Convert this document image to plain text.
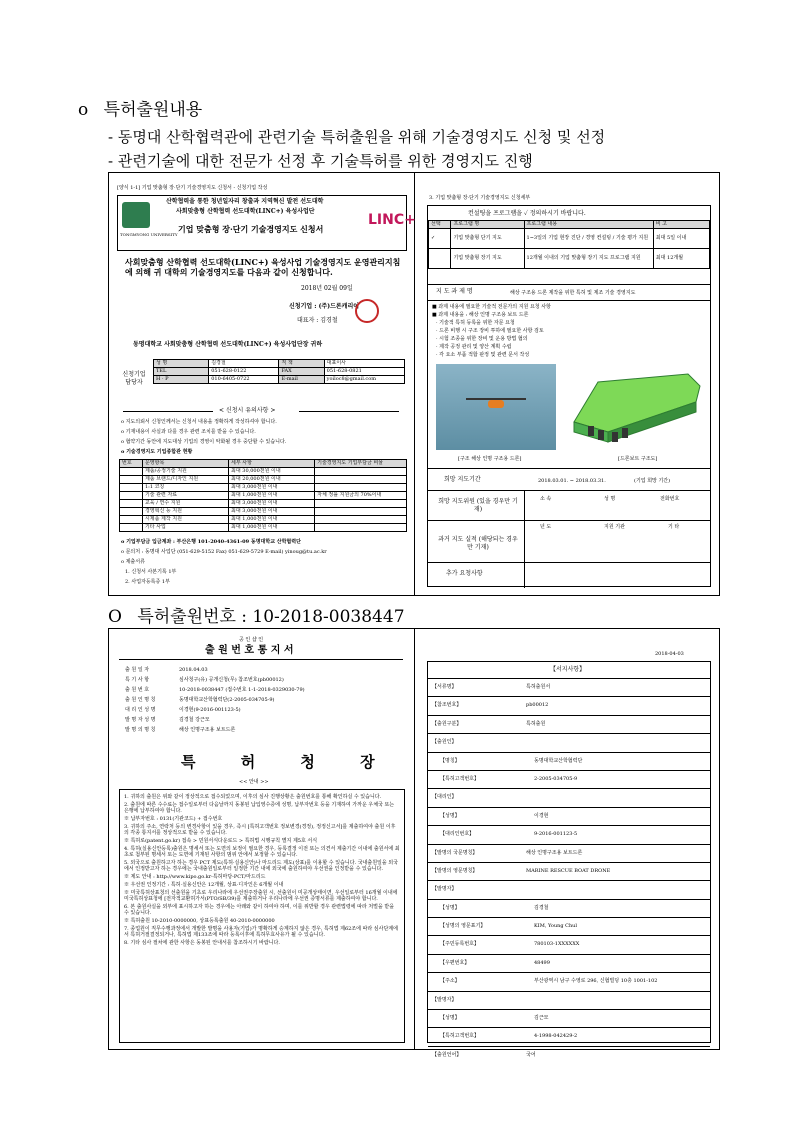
o 특허출원내용
- 동명대 산학협력관에 관련기술 특허출원을 위해 기술경영지도 신청 및 선정
- 관련기술에 대한 전문가 선정 후 기술특허를 위한 경영지도 진행
[양식 1-1] 기업 맞춤형 장·단기 기술경영지도 신청서 - 신청기업 작성
TONGMYONG UNIVERSITY
산학협력을 통한 청년일자리 창출과 지역혁신 발전 선도대학
사회맞춤형 산학협력 선도대학(LINC+) 육성사업단
기업 맞춤형 장·단기 기술경영지도 신청서
LINC+
사회맞춤형 산학협력 선도대학(LINC+) 육성사업 기술경영지도 운영관리지침에 의해 귀 대학의 기술경영지도를 다음과 같이 신청합니다.
2018년 02월 09일
신청기업 : (주)드론캐리어
대표자 : 김경철
동명대학교 사회맞춤형 산학협력 선도대학(LINC+) 육성사업단장 귀하
신청기업 담당자
성 명	김경철	직 책	대표이사
TEL	051-628-0122	FAX	051-628-0821
H · P	010-6405-0722	E-mail	yoiloc8@gmail.com
< 신청시 유의사항 >
o 지도의뢰서 신청인께서는 신청서 내용을 정확하게 작성하셔야 합니다.
o 기재내용이 사실과 다를 경우 관련 조치를 받을 수 있습니다.
o 협약기간 동안에 지도대상 기업의 경영이 악화될 경우 중단할 수 있습니다.
o 기술경영지도 기업종합관 현황
번호	운영항목	세부 사항	기술경영지도 기업부담금 비율
	제품/공정기술 지원	최대 30,000천원 이내	
	제품 브랜드/디자인 지원	최대 20,000천원 이내	
	1:1 코칭	최대 3,000천원 이내	
	기술 관련 자료	최대 1,000천원 이내	자체 정률 지원금의 70%이내
	교육 / 연수 지원	최대 3,000천원 이내	
	경영혁신 등 지원	최대 3,000천원 이내	
	시제품 제작 지원	최대 1,000천원 이내	
	기타 사업	최대 1,000천원 이내	
o 기업부담금 입금계좌 : 부산은행 101-2040-4361-09 동명대학교 산학협력단
o 문의처 : 동명대 사업단 (051-629-5152 Fax) 051-629-5729 E-mail) yinoug@tu.ac.kr
o 제출서류
1. 신청서 사본기록 1부
2. 사업자등록증 1부
3. 기업 맞춤형 장·단기 기술경영지도 신청세부
컨설팅을 프로그램을 ✓ 정의하시기 바랍니다.
선택	프로그램 명	프로그램 내용	비 고
✓	기업 맞춤형 단기 지도	1~3일의 기업 현장 진단 / 경영 컨설팅 / 기술 평가 지원	최대 5일 이내
	기업 맞춤형 장기 지도	12개월 이내의 기업 맞춤형 장기 지도 프로그램 지원	최대 12개월
지 도 과 제 명	해상 구조용 드론 제작을 위한 특허 및 제조 기술 경영지도
■ 과제 내용에 필요한 기술적 전문가의 지원 요청 사항
■ 과제 내용을 : 해상 인명 구조용 보트 드론
· 기술적 특허 등록을 위한 자문 요청
· 드론 비행 시 구조 장비 투하에 필요한 사항 검토
· 시험 조종을 위한 장비 및 운용 방법 협의
· 제작 공정 관리 및 양산 계획 수립
· 각 요소 부품 적합 판정 및 관련 문서 작성
[구조 해상 인명 구조용 드론]	[드론보트 구조도]
희망 지도기간	2018.03.01. ~ 2018.03.31.	(기업 희망 기간)
희망 지도위원 (있을 경우만 기재)
소 속	성 명	전화번호
과거 지도 실적 (해당되는 경우만 기재)
년 도	지원 기관	기 타
추가 요청사항
O 특허출원번호 : 10-2018-0038447
공 인 샵 인
출 원 번 호 통 지 서
출 원 일 자	2018.04.03
특 기 사 항	심사청구(유) 공개신청(무) 참조번호(pb00012)
출 원 번 호	10-2018-0038447 (접수번호 1-1-2018-0329030-79)
출 원 인 명 칭	동명대학교산학협력단(2-2005-034705-9)
대 리 인 성 명	이경현(9-2016-001123-5)
발 명 자 성 명	김경철 강근모
발 명 의 명 칭	해상 인명구조용 보트드론
특 허 청 장
<< 안내 >>
1. 귀하의 출원은 위와 같이 정상적으로 접수되었으며, 이후의 심사 진행상황은 출원번호를 통해 확인하실 수 있습니다.
2. 출원에 따른 수수료는 접수일로부터 다음날까지 동봉된 납입영수증에 성명, 납부자번호 등을 기재하여 가까운 우체국 또는 은행에 납부하여야 합니다.
※ 납부자번호 : 0131(기관코드) + 접수번호
3. 귀하의 주소, 연락처 등의 변경사항이 있을 경우, 즉시 [특허고객번호 정보변경(경정), 정정신고서]를 제출하여야 출원 이후의 각종 통지서를 정상적으로 받을 수 있습니다.
※ 특허로(patent.go.kr) 접속 > 민원서식다운로드 > 특허법 시행규칙 별지 제5호 서식
4. 특허(실용신안등록)출원은 명세서 또는 도면의 보정이 필요한 경우, 등록결정 이전 또는 의견서 제출기간 이내에 출원서에 최초로 첨부된 명세서 또는 도면에 기재된 사항의 범위 안에서 보정할 수 있습니다.
5. 외국으로 출원하고자 하는 경우 PCT 제도(특허·실용신안)나 마드리드 제도(상표)를 이용할 수 있습니다. 국내출원일을 외국에서 인정받고자 하는 경우에는 국내출원일로부터 일정한 기간 내에 외국에 출원하여야 우선권을 인정받을 수 있습니다.
※ 제도 안내 : http://www.kipo.go.kr-특허마당-PCT/마드리드
※ 우선권 인정기간 : 특허·실용신안은 12개월, 상표·디자인은 6개월 이내
※ 미국특허상표청의 선출원을 기초로 우리나라에 우선권주장출원 시, 선출원이 미공개상태이면, 우선일로부터 16개월 이내에 미국특허상표청에 [전자적교환허가서(PTO/SB/39)를 제출하거나 우리나라에 우선권 증명서류를 제출하여야 합니다.
6. 본 출원사실을 외부에 표시하고자 하는 경우에는 아래와 같이 하여야 하며, 이를 위반할 경우 관련법령에 따라 처벌을 받을 수 있습니다.
※ 특허출원 10-2010-0000000, 상표등록출원 40-2010-0000000
7. 종업원이 직무수행과정에서 개발한 발명을 사용자(기업)가 명확하게 승계하지 않은 경우, 특허법 제62조에 따라 심사단계에서 특허거절결정되거나, 특허법 제133조에 따라 등록이후에 특허무효사유가 될 수 있습니다.
8. 기타 심사 절차에 관한 사항은 동봉된 안내서를 참조하시기 바랍니다.
2018-04-03
【서지사항】
【서류명】	특허출원서
【참조번호】	pb00012
【출원구분】	특허출원
【출원인】
【명칭】	동명대학교산학협력단
【특허고객번호】	2-2005-034705-9
【대리인】
【성명】	이경현
【대리인번호】	9-2016-001123-5
【발명의 국문명칭】	해상 인명구조용 보트드론
【발명의 영문명칭】	MARINE RESCUE BOAT DRONE
【발명자】
【성명】	김경철
【성명의 영문표기】	KIM, Young Chul
【주민등록번호】	780103-1XXXXXX
【우편번호】	48499
【주소】	부산광역시 남구 수영로 296, 신협빌딩 10층 1001-102
【발명자】
【성명】	김근모
【특허고객번호】	4-1998-042429-2
【출원언어】	국어
